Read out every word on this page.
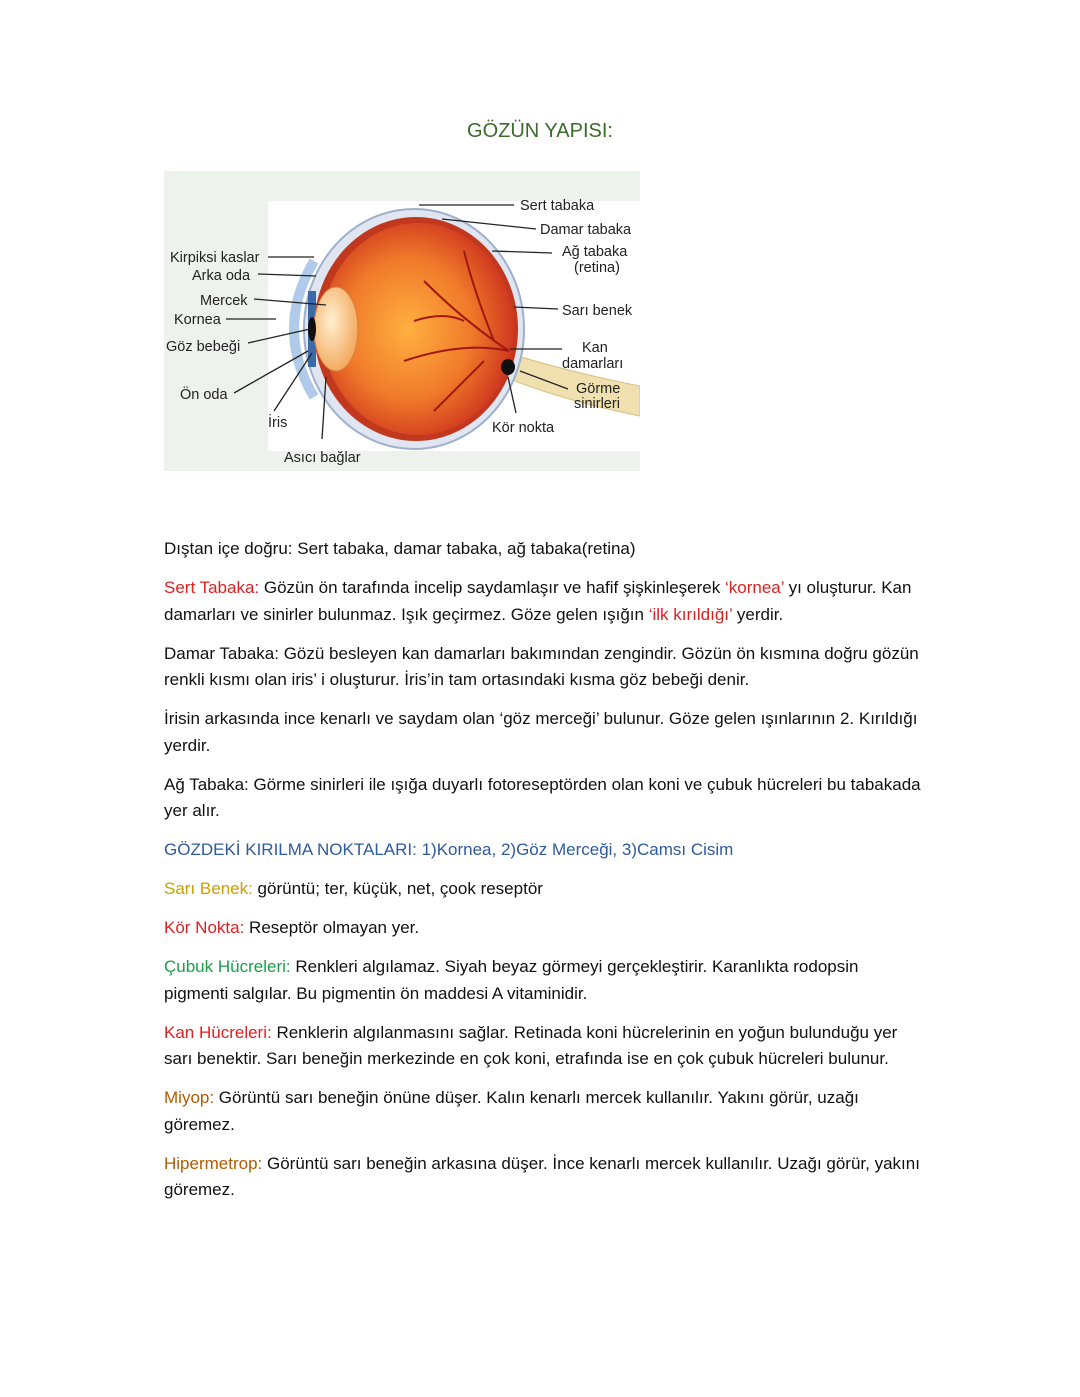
GÖZÜN YAPISI:
Sert tabaka
Damar tabaka
Ağ tabaka
(retina)
Sarı benek
Kan
damarları
Görme
sinirleri
Kör nokta
Kirpiksi kaslar
Arka oda
Mercek
Kornea
Göz bebeği
Ön oda
İris
Asıcı bağlar

Dıştan içe doğru: Sert tabaka, damar tabaka, ağ tabaka(retina)

Sert Tabaka: Gözün ön tarafında incelip saydamlaşır ve hafif şişkinleşerek ‘kornea’ yı oluşturur. Kan damarları ve sinirler bulunmaz. Işık geçirmez. Göze gelen ışığın ‘ilk kırıldığı’ yerdir.

Damar Tabaka: Gözü besleyen kan damarları bakımından zengindir. Gözün ön kısmına doğru gözün renkli kısmı olan iris’ i oluşturur. İris’in tam ortasındaki kısma göz bebeği denir.

İrisin arkasında ince kenarlı ve saydam olan ‘göz merceği’ bulunur. Göze gelen ışınlarının 2. Kırıldığı yerdir.

Ağ Tabaka: Görme sinirleri ile ışığa duyarlı fotoreseptörden olan koni ve çubuk hücreleri bu tabakada yer alır.

GÖZDEKİ KIRILMA NOKTALARI: 1)Kornea, 2)Göz Merceği, 3)Camsı Cisim

Sarı Benek: görüntü; ter, küçük, net, çook reseptör

Kör Nokta: Reseptör olmayan yer.

Çubuk Hücreleri: Renkleri algılamaz. Siyah beyaz görmeyi gerçekleştirir. Karanlıkta rodopsin pigmenti salgılar. Bu pigmentin ön maddesi A vitaminidir.

Kan Hücreleri: Renklerin algılanmasını sağlar. Retinada koni hücrelerinin en yoğun bulunduğu yer sarı benektir. Sarı beneğin merkezinde en çok koni, etrafında ise en çok çubuk hücreleri bulunur.

Miyop: Görüntü sarı beneğin önüne düşer. Kalın kenarlı mercek kullanılır. Yakını görür, uzağı göremez.

Hipermetrop: Görüntü sarı beneğin arkasına düşer. İnce kenarlı mercek kullanılır. Uzağı görür, yakını göremez.
